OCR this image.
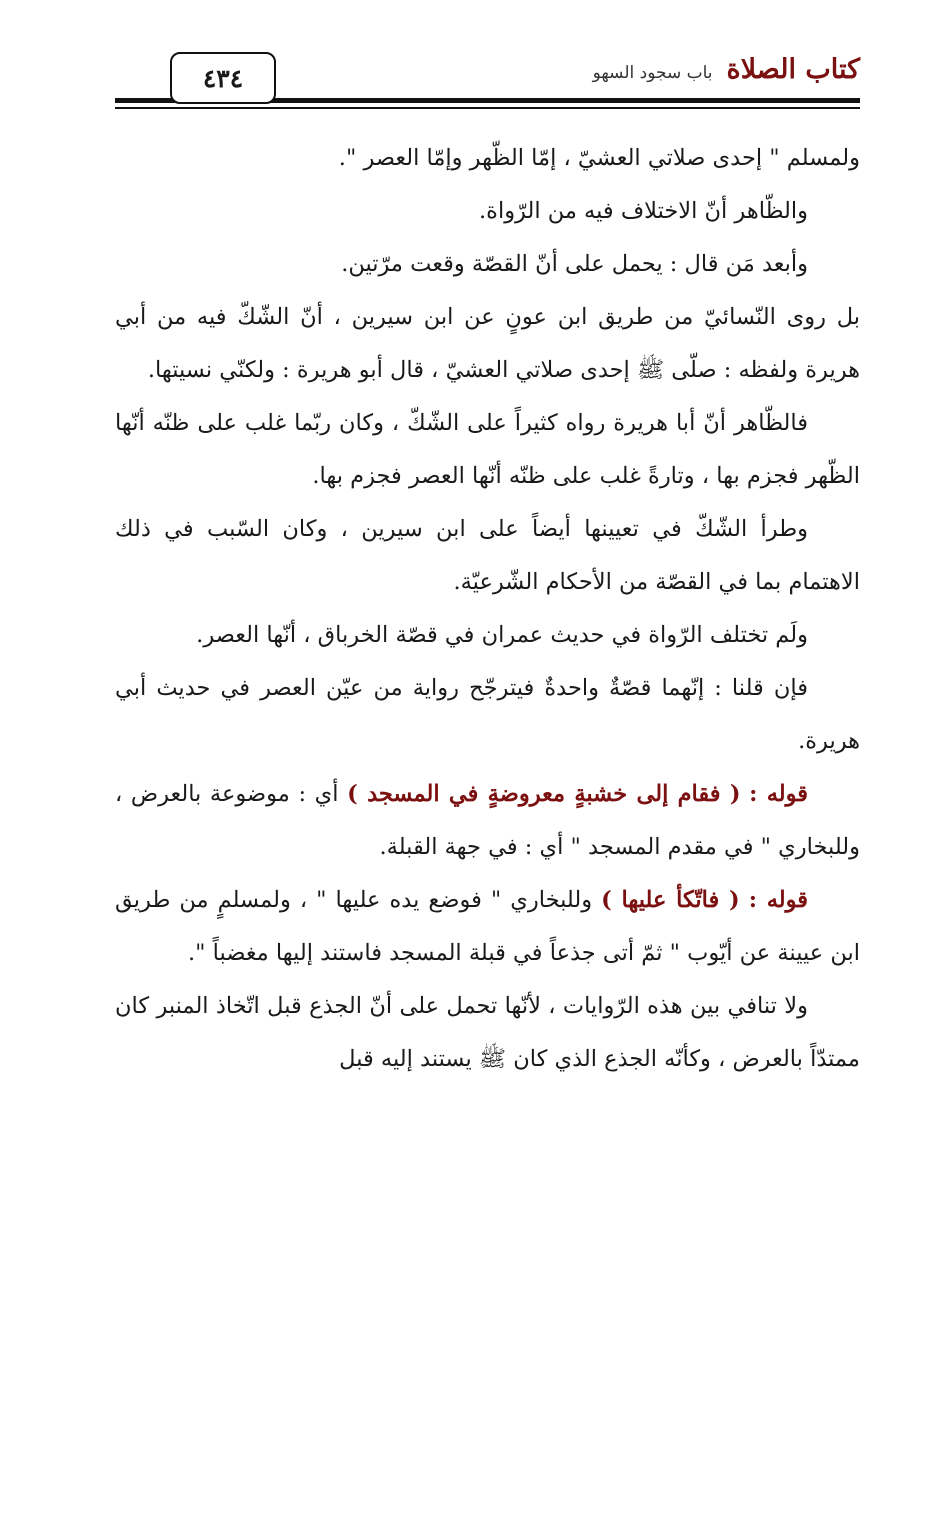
٤٣٤	كتاب الصلاةباب سجود السهو

ولمسلم " إحدى صلاتي العشيّ ، إمّا الظّهر وإمّا العصر ".

والظّاهر أنّ الاختلاف فيه من الرّواة.

وأبعد مَن قال : يحمل على أنّ القصّة وقعت مرّتين.

بل روى النّسائيّ من طريق ابن عونٍ عن ابن سيرين ، أنّ الشّكّ فيه من أبي هريرة ولفظه : صلّى ﷺ إحدى صلاتي العشيّ ، قال أبو هريرة : ولكنّي نسيتها.

فالظّاهر أنّ أبا هريرة رواه كثيراً على الشّكّ ، وكان ربّما غلب على ظنّه أنّها الظّهر فجزم بها ، وتارةً غلب على ظنّه أنّها العصر فجزم بها.

وطرأ الشّكّ في تعيينها أيضاً على ابن سيرين ، وكان السّبب في ذلك الاهتمام بما في القصّة من الأحكام الشّرعيّة.

ولَم تختلف الرّواة في حديث عمران في قصّة الخرباق ، أنّها العصر.

فإن قلنا : إنّهما قصّةٌ واحدةٌ فيترجّح رواية من عيّن العصر في حديث أبي هريرة.

قوله : ( فقام إلى خشبةٍ معروضةٍ في المسجد ) أي : موضوعة بالعرض ، وللبخاري " في مقدم المسجد " أي : في جهة القبلة.

قوله : ( فاتّكأ عليها ) وللبخاري " فوضع يده عليها " ، ولمسلمٍ من طريق ابن عيينة عن أيّوب " ثمّ أتى جذعاً في قبلة المسجد فاستند إليها مغضباً ".

ولا تنافي بين هذه الرّوايات ، لأنّها تحمل على أنّ الجذع قبل اتّخاذ المنبر كان ممتدّاً بالعرض ، وكأنّه الجذع الذي كان ﷺ يستند إليه قبل
